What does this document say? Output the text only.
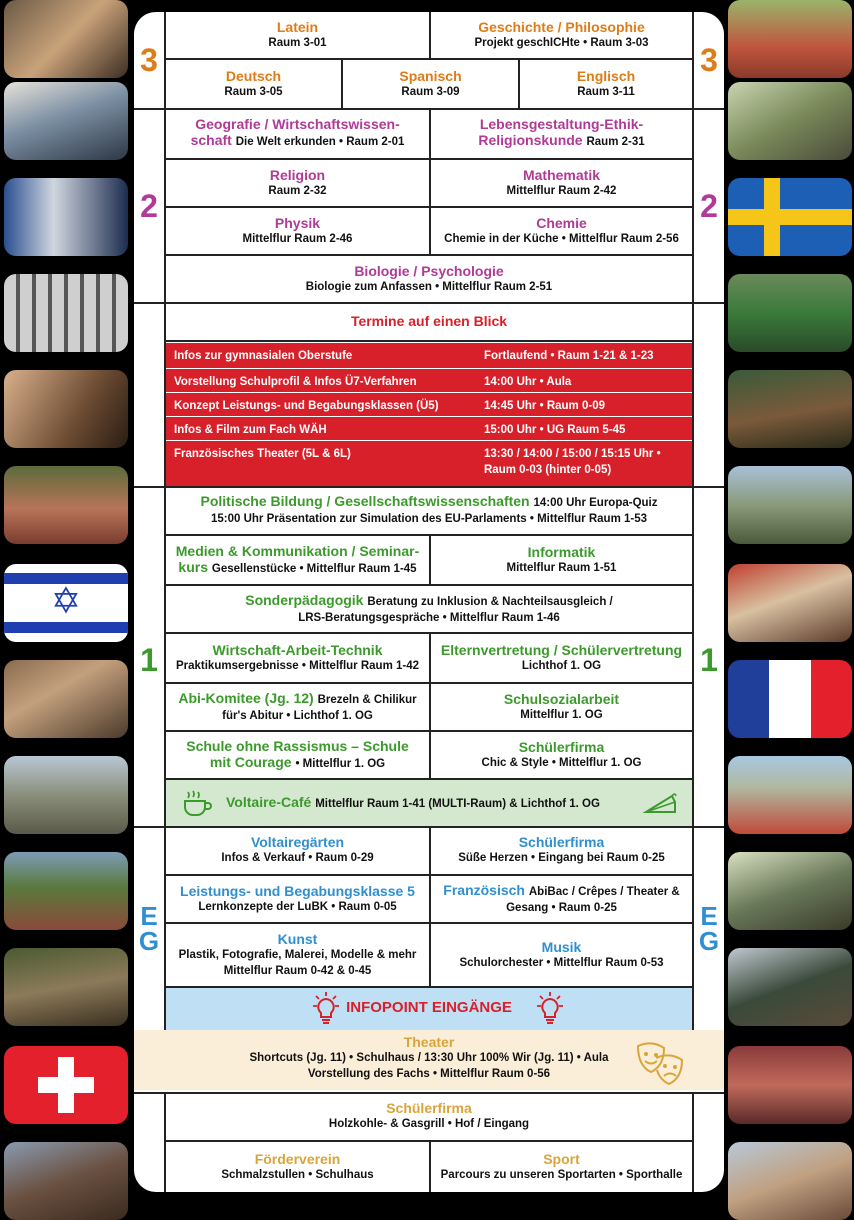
✡
3	3
Latein
Raum 3-01
Geschichte / Philosophie
Projekt geschICHte • Raum 3-03
Deutsch
Raum 3-05
Spanisch
Raum 3-09
Englisch
Raum 3-11
2	2
Geografie / Wirtschaftswissen-
schaft Die Welt erkunden • Raum 2-01
Lebensgestaltung-Ethik-
Religionskunde Raum 2-31
Religion
Raum 2-32
Mathematik
Mittelflur Raum 2-42
Physik
Mittelflur Raum 2-46
Chemie
Chemie in der Küche • Mittelflur Raum 2-56
Biologie / Psychologie
Biologie zum Anfassen • Mittelflur Raum 2-51
Termine auf einen Blick
Infos zur gymnasialen Oberstufe	Fortlaufend • Raum 1-21 & 1-23
Vorstellung Schulprofil & Infos Ü7-Verfahren	14:00 Uhr • Aula
Konzept Leistungs- und Begabungsklassen (Ü5)	14:45 Uhr • Raum 0-09
Infos & Film zum Fach WÄH	15:00 Uhr • UG Raum 5-45
Französisches Theater (5L & 6L)	13:30 / 14:00 / 15:00 / 15:15 Uhr •
Raum 0-03 (hinter 0-05)
1	1
Politische Bildung / Gesellschaftswissenschaften 14:00 Uhr Europa-Quiz
15:00 Uhr Präsentation zur Simulation des EU-Parlaments • Mittelflur Raum 1-53
Medien & Kommunikation / Seminar-
kurs Gesellenstücke • Mittelflur Raum 1-45
Informatik
Mittelflur Raum 1-51
Sonderpädagogik Beratung zu Inklusion & Nachteilsausgleich /
LRS-Beratungsgespräche • Mittelflur Raum 1-46
Wirtschaft-Arbeit-Technik
Praktikumsergebnisse • Mittelflur Raum 1-42
Elternvertretung / Schülervertretung
Lichthof 1. OG
Abi-Komitee (Jg. 12) Brezeln & Chilikur
für's Abitur • Lichthof 1. OG
Schulsozialarbeit
Mittelflur 1. OG
Schule ohne Rassismus – Schule
mit Courage • Mittelflur 1. OG
Schülerfirma
Chic & Style • Mittelflur 1. OG
Voltaire-Café Mittelflur Raum 1-41 (MULTI-Raum) & Lichthof 1. OG
E
G
E
G
Voltairegärten
Infos & Verkauf • Raum 0-29
Schülerfirma
Süße Herzen • Eingang bei Raum 0-25
Leistungs- und Begabungsklasse 5
Lernkonzepte der LuBK • Raum 0-05
Französisch AbiBac / Crêpes / Theater &
Gesang • Raum 0-25
Kunst
Plastik, Fotografie, Malerei, Modelle & mehr
Mittelflur Raum 0-42 & 0-45
Musik
Schulorchester • Mittelflur Raum 0-53
INFOPOINT EINGÄNGE
Theater
Shortcuts (Jg. 11) • Schulhaus / 13:30 Uhr 100% Wir (Jg. 11) • Aula
Vorstellung des Fachs • Mittelflur Raum 0-56
Schülerfirma
Holzkohle- & Gasgrill • Hof / Eingang
Förderverein
Schmalzstullen • Schulhaus
Sport
Parcours zu unseren Sportarten • Sporthalle
